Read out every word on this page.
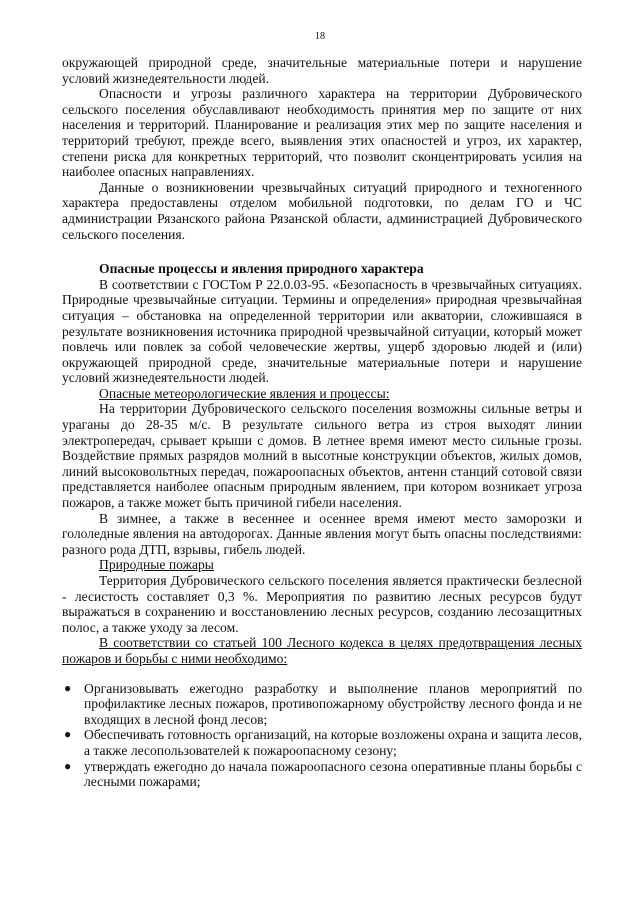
18

окружающей природной среде, значительные материальные потери и нарушение условий жизнедеятельности людей.

Опасности и угрозы различного характера на территории Дубровического сельского поселения обуславливают необходимость принятия мер по защите от них населения и территорий. Планирование и реализация этих мер по защите населения и территорий требуют, прежде всего, выявления этих опасностей и угроз, их характер, степени риска для конкретных территорий, что позволит сконцентрировать усилия на наиболее опасных направлениях.

Данные о возникновении чрезвычайных ситуаций природного и техногенного характера предоставлены отделом мобильной подготовки, по делам ГО и ЧС администрации Рязанского района Рязанской области, администрацией Дубровического сельского поселения.

Опасные процессы и явления природного характера

В соответствии с ГОСТом Р 22.0.03-95. «Безопасность в чрезвычайных ситуациях. Природные чрезвычайные ситуации. Термины и определения» природная чрезвычайная ситуация – обстановка на определенной территории или акватории, сложившаяся в результате возникновения источника природной чрезвычайной ситуации, который может повлечь или повлек за собой человеческие жертвы, ущерб здоровью людей и (или) окружающей природной среде, значительные материальные потери и нарушение условий жизнедеятельности людей.

Опасные метеорологические явления и процессы:

На территории Дубровического сельского поселения возможны сильные ветры и ураганы до 28-35 м/с. В результате сильного ветра из строя выходят линии электропередач, срывает крыши с домов. В летнее время имеют место сильные грозы. Воздействие прямых разрядов молний в высотные конструкции объектов, жилых домов, линий высоковольтных передач, пожароопасных объектов, антенн станций сотовой связи представляется наиболее опасным природным явлением, при котором возникает угроза пожаров, а также может быть причиной гибели населения.

В зимнее, а также в весеннее и осеннее время имеют место заморозки и гололедные явления на автодорогах. Данные явления могут быть опасны последствиями: разного рода ДТП, взрывы, гибель людей.

Природные пожары

Территория Дубровического сельского поселения является практически безлесной - лесистость составляет 0,3 %. Мероприятия по развитию лесных ресурсов будут выражаться в сохранению и восстановлению лесных ресурсов, созданию лесозащитных полос, а также уходу за лесом.

В соответствии со статьей 100 Лесного кодекса в целях предотвращения лесных пожаров и борьбы с ними необходимо:

● Организовывать ежегодно разработку и выполнение планов мероприятий по профилактике лесных пожаров, противопожарному обустройству лесного фонда и не входящих в лесной фонд лесов;
● Обеспечивать готовность организаций, на которые возложены охрана и защита лесов, а также лесопользователей к пожароопасному сезону;
● утверждать ежегодно до начала пожароопасного сезона оперативные планы борьбы с лесными пожарами;
